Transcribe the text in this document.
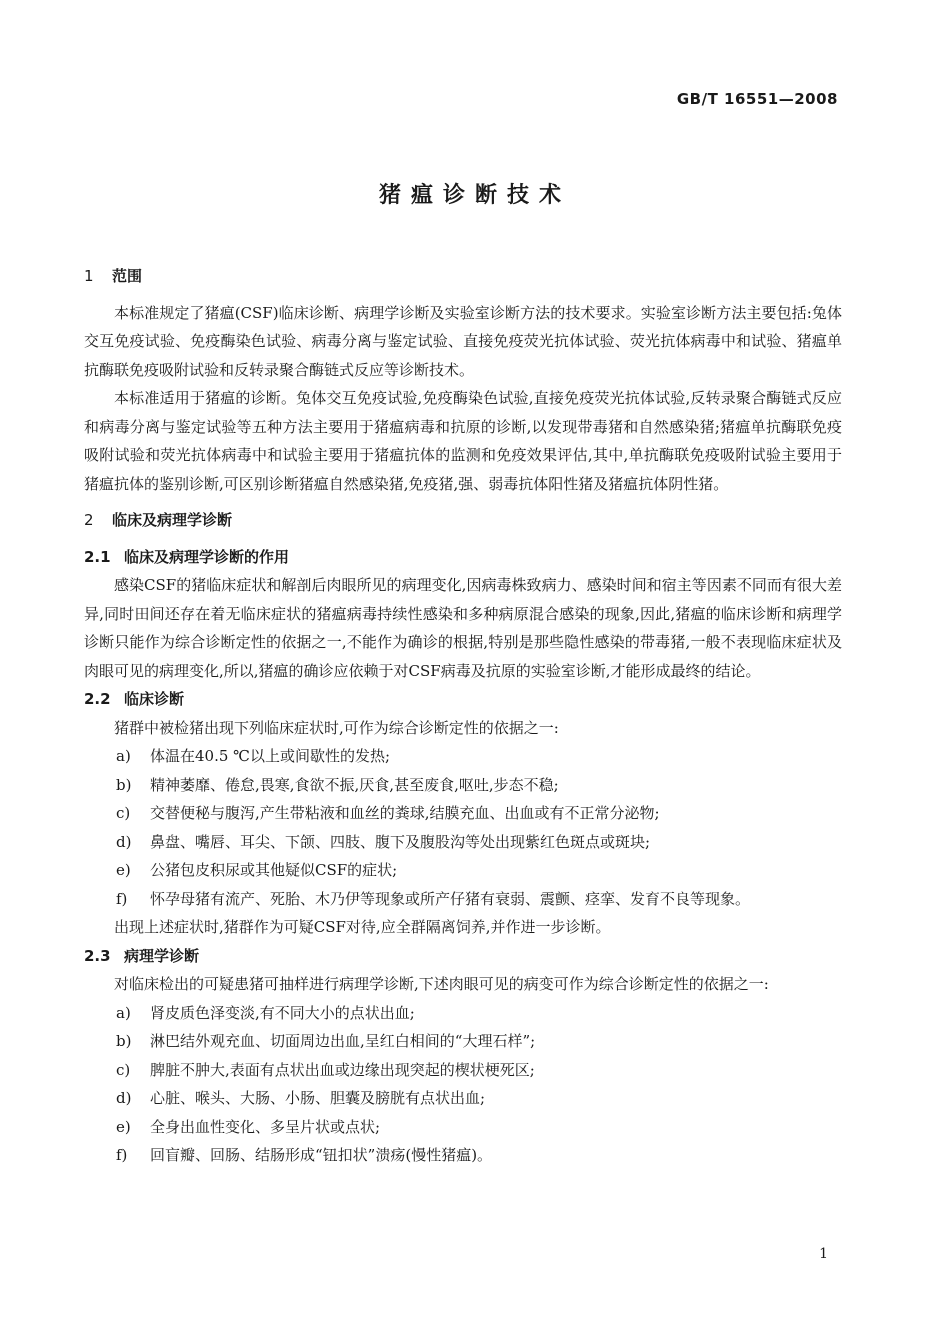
GB/T 16551—2008
猪瘟诊断技术
1 范围

本标准规定了猪瘟(CSF)临床诊断、病理学诊断及实验室诊断方法的技术要求。实验室诊断方法主要包括:兔体交互免疫试验、免疫酶染色试验、病毒分离与鉴定试验、直接免疫荧光抗体试验、荧光抗体病毒中和试验、猪瘟单抗酶联免疫吸附试验和反转录聚合酶链式反应等诊断技术。

本标准适用于猪瘟的诊断。兔体交互免疫试验,免疫酶染色试验,直接免疫荧光抗体试验,反转录聚合酶链式反应和病毒分离与鉴定试验等五种方法主要用于猪瘟病毒和抗原的诊断,以发现带毒猪和自然感染猪;猪瘟单抗酶联免疫吸附试验和荧光抗体病毒中和试验主要用于猪瘟抗体的监测和免疫效果评估,其中,单抗酶联免疫吸附试验主要用于猪瘟抗体的鉴别诊断,可区别诊断猪瘟自然感染猪,免疫猪,强、弱毒抗体阳性猪及猪瘟抗体阴性猪。

2 临床及病理学诊断
2.1 临床及病理学诊断的作用

感染CSF的猪临床症状和解剖后肉眼所见的病理变化,因病毒株致病力、感染时间和宿主等因素不同而有很大差异,同时田间还存在着无临床症状的猪瘟病毒持续性感染和多种病原混合感染的现象,因此,猪瘟的临床诊断和病理学诊断只能作为综合诊断定性的依据之一,不能作为确诊的根据,特别是那些隐性感染的带毒猪,一般不表现临床症状及肉眼可见的病理变化,所以,猪瘟的确诊应依赖于对CSF病毒及抗原的实验室诊断,才能形成最终的结论。

2.2 临床诊断

猪群中被检猪出现下列临床症状时,可作为综合诊断定性的依据之一:

a) 体温在40.5 ℃以上或间歇性的发热;
b) 精神萎靡、倦怠,畏寒,食欲不振,厌食,甚至废食,呕吐,步态不稳;
c) 交替便秘与腹泻,产生带粘液和血丝的粪球,结膜充血、出血或有不正常分泌物;
d) 鼻盘、嘴唇、耳尖、下颌、四肢、腹下及腹股沟等处出现紫红色斑点或斑块;
e) 公猪包皮积尿或其他疑似CSF的症状;
f) 怀孕母猪有流产、死胎、木乃伊等现象或所产仔猪有衰弱、震颤、痉挛、发育不良等现象。

出现上述症状时,猪群作为可疑CSF对待,应全群隔离饲养,并作进一步诊断。

2.3 病理学诊断

对临床检出的可疑患猪可抽样进行病理学诊断,下述肉眼可见的病变可作为综合诊断定性的依据之一:

a) 肾皮质色泽变淡,有不同大小的点状出血;
b) 淋巴结外观充血、切面周边出血,呈红白相间的“大理石样”;
c) 脾脏不肿大,表面有点状出血或边缘出现突起的楔状梗死区;
d) 心脏、喉头、大肠、小肠、胆囊及膀胱有点状出血;
e) 全身出血性变化、多呈片状或点状;
f) 回盲瓣、回肠、结肠形成“钮扣状”溃疡(慢性猪瘟)。
1
